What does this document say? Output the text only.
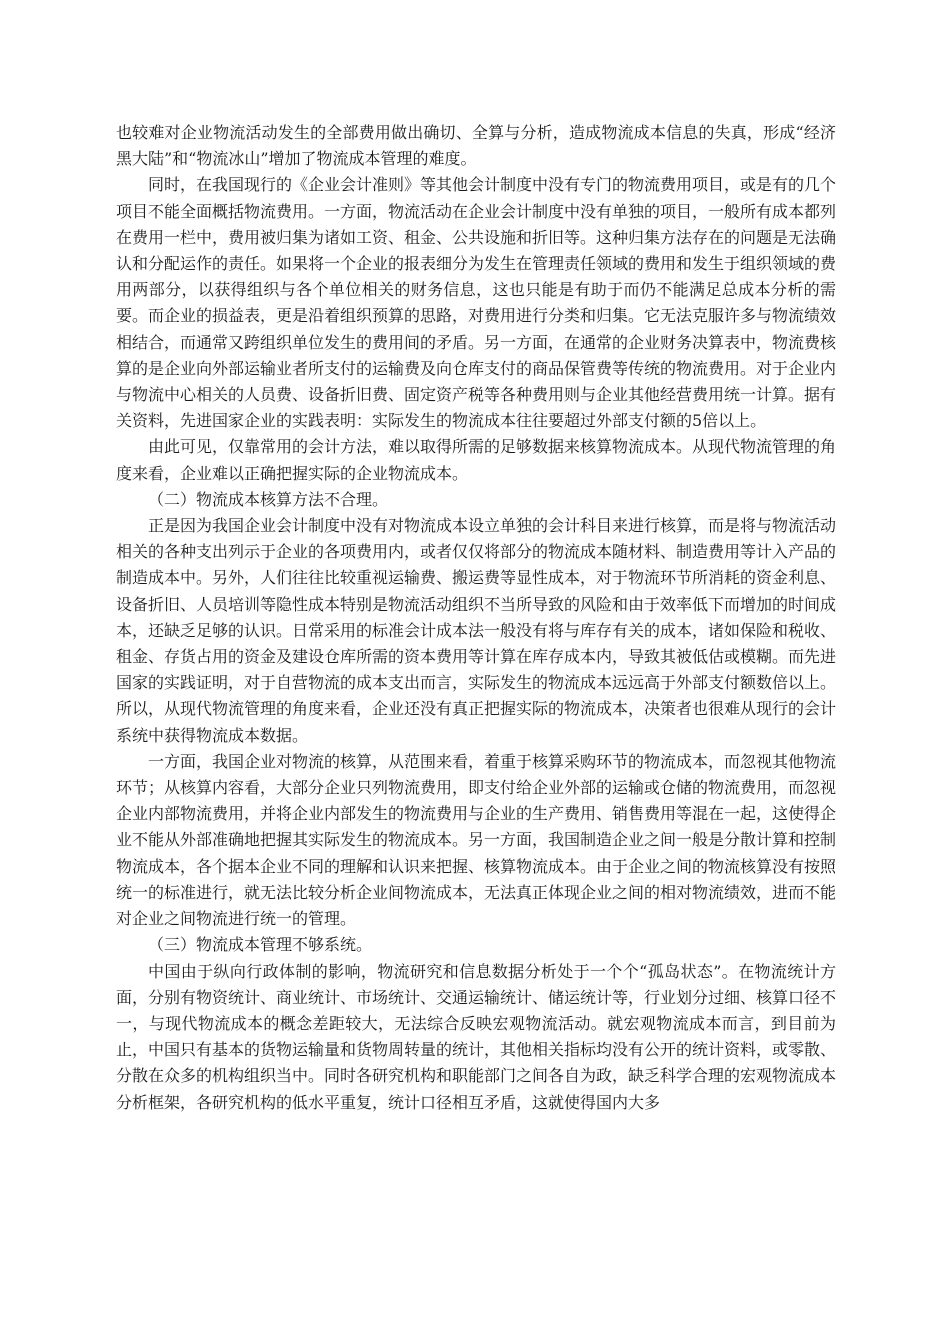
也较难对企业物流活动发生的全部费用做出确切、全算与分析，造成物流成本信息的失真，形成“经济黑大陆”和“物流冰山”增加了物流成本管理的难度。

同时，在我国现行的《企业会计准则》等其他会计制度中没有专门的物流费用项目，或是有的几个项目不能全面概括物流费用。一方面，物流活动在企业会计制度中没有单独的项目，一般所有成本都列在费用一栏中，费用被归集为诸如工资、租金、公共设施和折旧等。这种归集方法存在的问题是无法确认和分配运作的责任。如果将一个企业的报表细分为发生在管理责任领域的费用和发生于组织领域的费用两部分，以获得组织与各个单位相关的财务信息，这也只能是有助于而仍不能满足总成本分析的需要。而企业的损益表，更是沿着组织预算的思路，对费用进行分类和归集。它无法克服许多与物流绩效相结合，而通常又跨组织单位发生的费用间的矛盾。另一方面，在通常的企业财务决算表中，物流费核算的是企业向外部运输业者所支付的运输费及向仓库支付的商品保管费等传统的物流费用。对于企业内与物流中心相关的人员费、设备折旧费、固定资产税等各种费用则与企业其他经营费用统一计算。据有关资料，先进国家企业的实践表明：实际发生的物流成本往往要超过外部支付额的5倍以上。

由此可见，仅靠常用的会计方法，难以取得所需的足够数据来核算物流成本。从现代物流管理的角度来看，企业难以正确把握实际的企业物流成本。

（二）物流成本核算方法不合理。

正是因为我国企业会计制度中没有对物流成本设立单独的会计科目来进行核算，而是将与物流活动相关的各种支出列示于企业的各项费用内，或者仅仅将部分的物流成本随材料、制造费用等计入产品的制造成本中。另外，人们往往比较重视运输费、搬运费等显性成本，对于物流环节所消耗的资金利息、设备折旧、人员培训等隐性成本特别是物流活动组织不当所导致的风险和由于效率低下而增加的时间成本，还缺乏足够的认识。日常采用的标准会计成本法一般没有将与库存有关的成本，诸如保险和税收、租金、存货占用的资金及建设仓库所需的资本费用等计算在库存成本内，导致其被低估或模糊。而先进国家的实践证明，对于自营物流的成本支出而言，实际发生的物流成本远远高于外部支付额数倍以上。所以，从现代物流管理的角度来看，企业还没有真正把握实际的物流成本，决策者也很难从现行的会计系统中获得物流成本数据。

一方面，我国企业对物流的核算，从范围来看，着重于核算采购环节的物流成本，而忽视其他物流环节；从核算内容看，大部分企业只列物流费用，即支付给企业外部的运输或仓储的物流费用，而忽视企业内部物流费用，并将企业内部发生的物流费用与企业的生产费用、销售费用等混在一起，这使得企业不能从外部准确地把握其实际发生的物流成本。另一方面，我国制造企业之间一般是分散计算和控制物流成本，各个据本企业不同的理解和认识来把握、核算物流成本。由于企业之间的物流核算没有按照统一的标准进行，就无法比较分析企业间物流成本，无法真正体现企业之间的相对物流绩效，进而不能对企业之间物流进行统一的管理。

（三）物流成本管理不够系统。

中国由于纵向行政体制的影响，物流研究和信息数据分析处于一个个“孤岛状态”。在物流统计方面，分别有物资统计、商业统计、市场统计、交通运输统计、储运统计等，行业划分过细、核算口径不一，与现代物流成本的概念差距较大，无法综合反映宏观物流活动。就宏观物流成本而言，到目前为止，中国只有基本的货物运输量和货物周转量的统计，其他相关指标均没有公开的统计资料，或零散、分散在众多的机构组织当中。同时各研究机构和职能部门之间各自为政，缺乏科学合理的宏观物流成本分析框架，各研究机构的低水平重复，统计口径相互矛盾，这就使得国内大多
